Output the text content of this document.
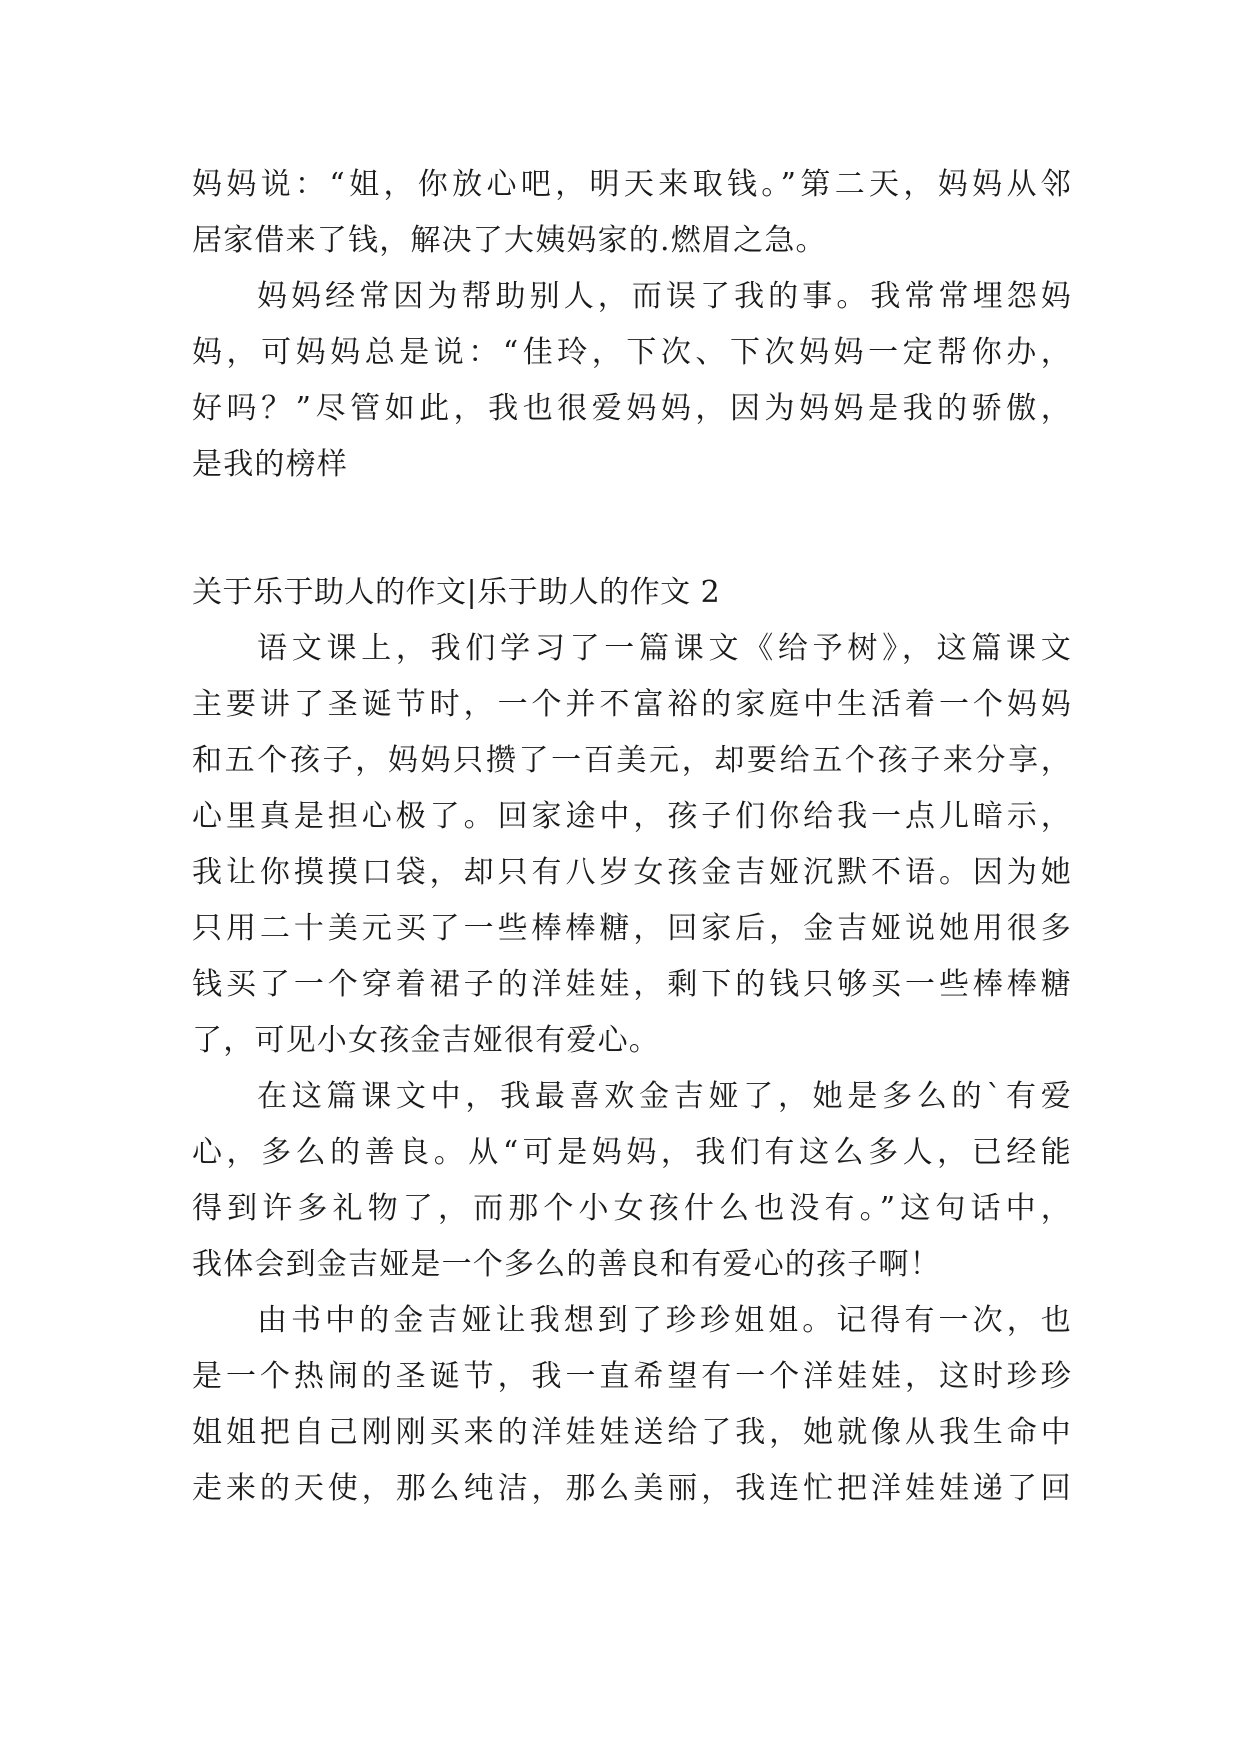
妈妈说：“姐，你放心吧，明天来取钱。”第二天，妈妈从邻
居家借来了钱，解决了大姨妈家的.燃眉之急。
妈妈经常因为帮助别人，而误了我的事。我常常埋怨妈
妈，可妈妈总是说：“佳玲，下次、下次妈妈一定帮你办，
好吗？”尽管如此，我也很爱妈妈，因为妈妈是我的骄傲，
是我的榜样
关于乐于助人的作文|乐于助人的作文 2
语文课上，我们学习了一篇课文《给予树》，这篇课文
主要讲了圣诞节时，一个并不富裕的家庭中生活着一个妈妈
和五个孩子，妈妈只攒了一百美元，却要给五个孩子来分享，
心里真是担心极了。回家途中，孩子们你给我一点儿暗示，
我让你摸摸口袋，却只有八岁女孩金吉娅沉默不语。因为她
只用二十美元买了一些棒棒糖，回家后，金吉娅说她用很多
钱买了一个穿着裙子的洋娃娃，剩下的钱只够买一些棒棒糖
了，可见小女孩金吉娅很有爱心。
在这篇课文中，我最喜欢金吉娅了，她是多么的`有爱
心，多么的善良。从“可是妈妈，我们有这么多人，已经能
得到许多礼物了，而那个小女孩什么也没有。”这句话中，
我体会到金吉娅是一个多么的善良和有爱心的孩子啊！
由书中的金吉娅让我想到了珍珍姐姐。记得有一次，也
是一个热闹的圣诞节，我一直希望有一个洋娃娃，这时珍珍
姐姐把自己刚刚买来的洋娃娃送给了我，她就像从我生命中
走来的天使，那么纯洁，那么美丽，我连忙把洋娃娃递了回
